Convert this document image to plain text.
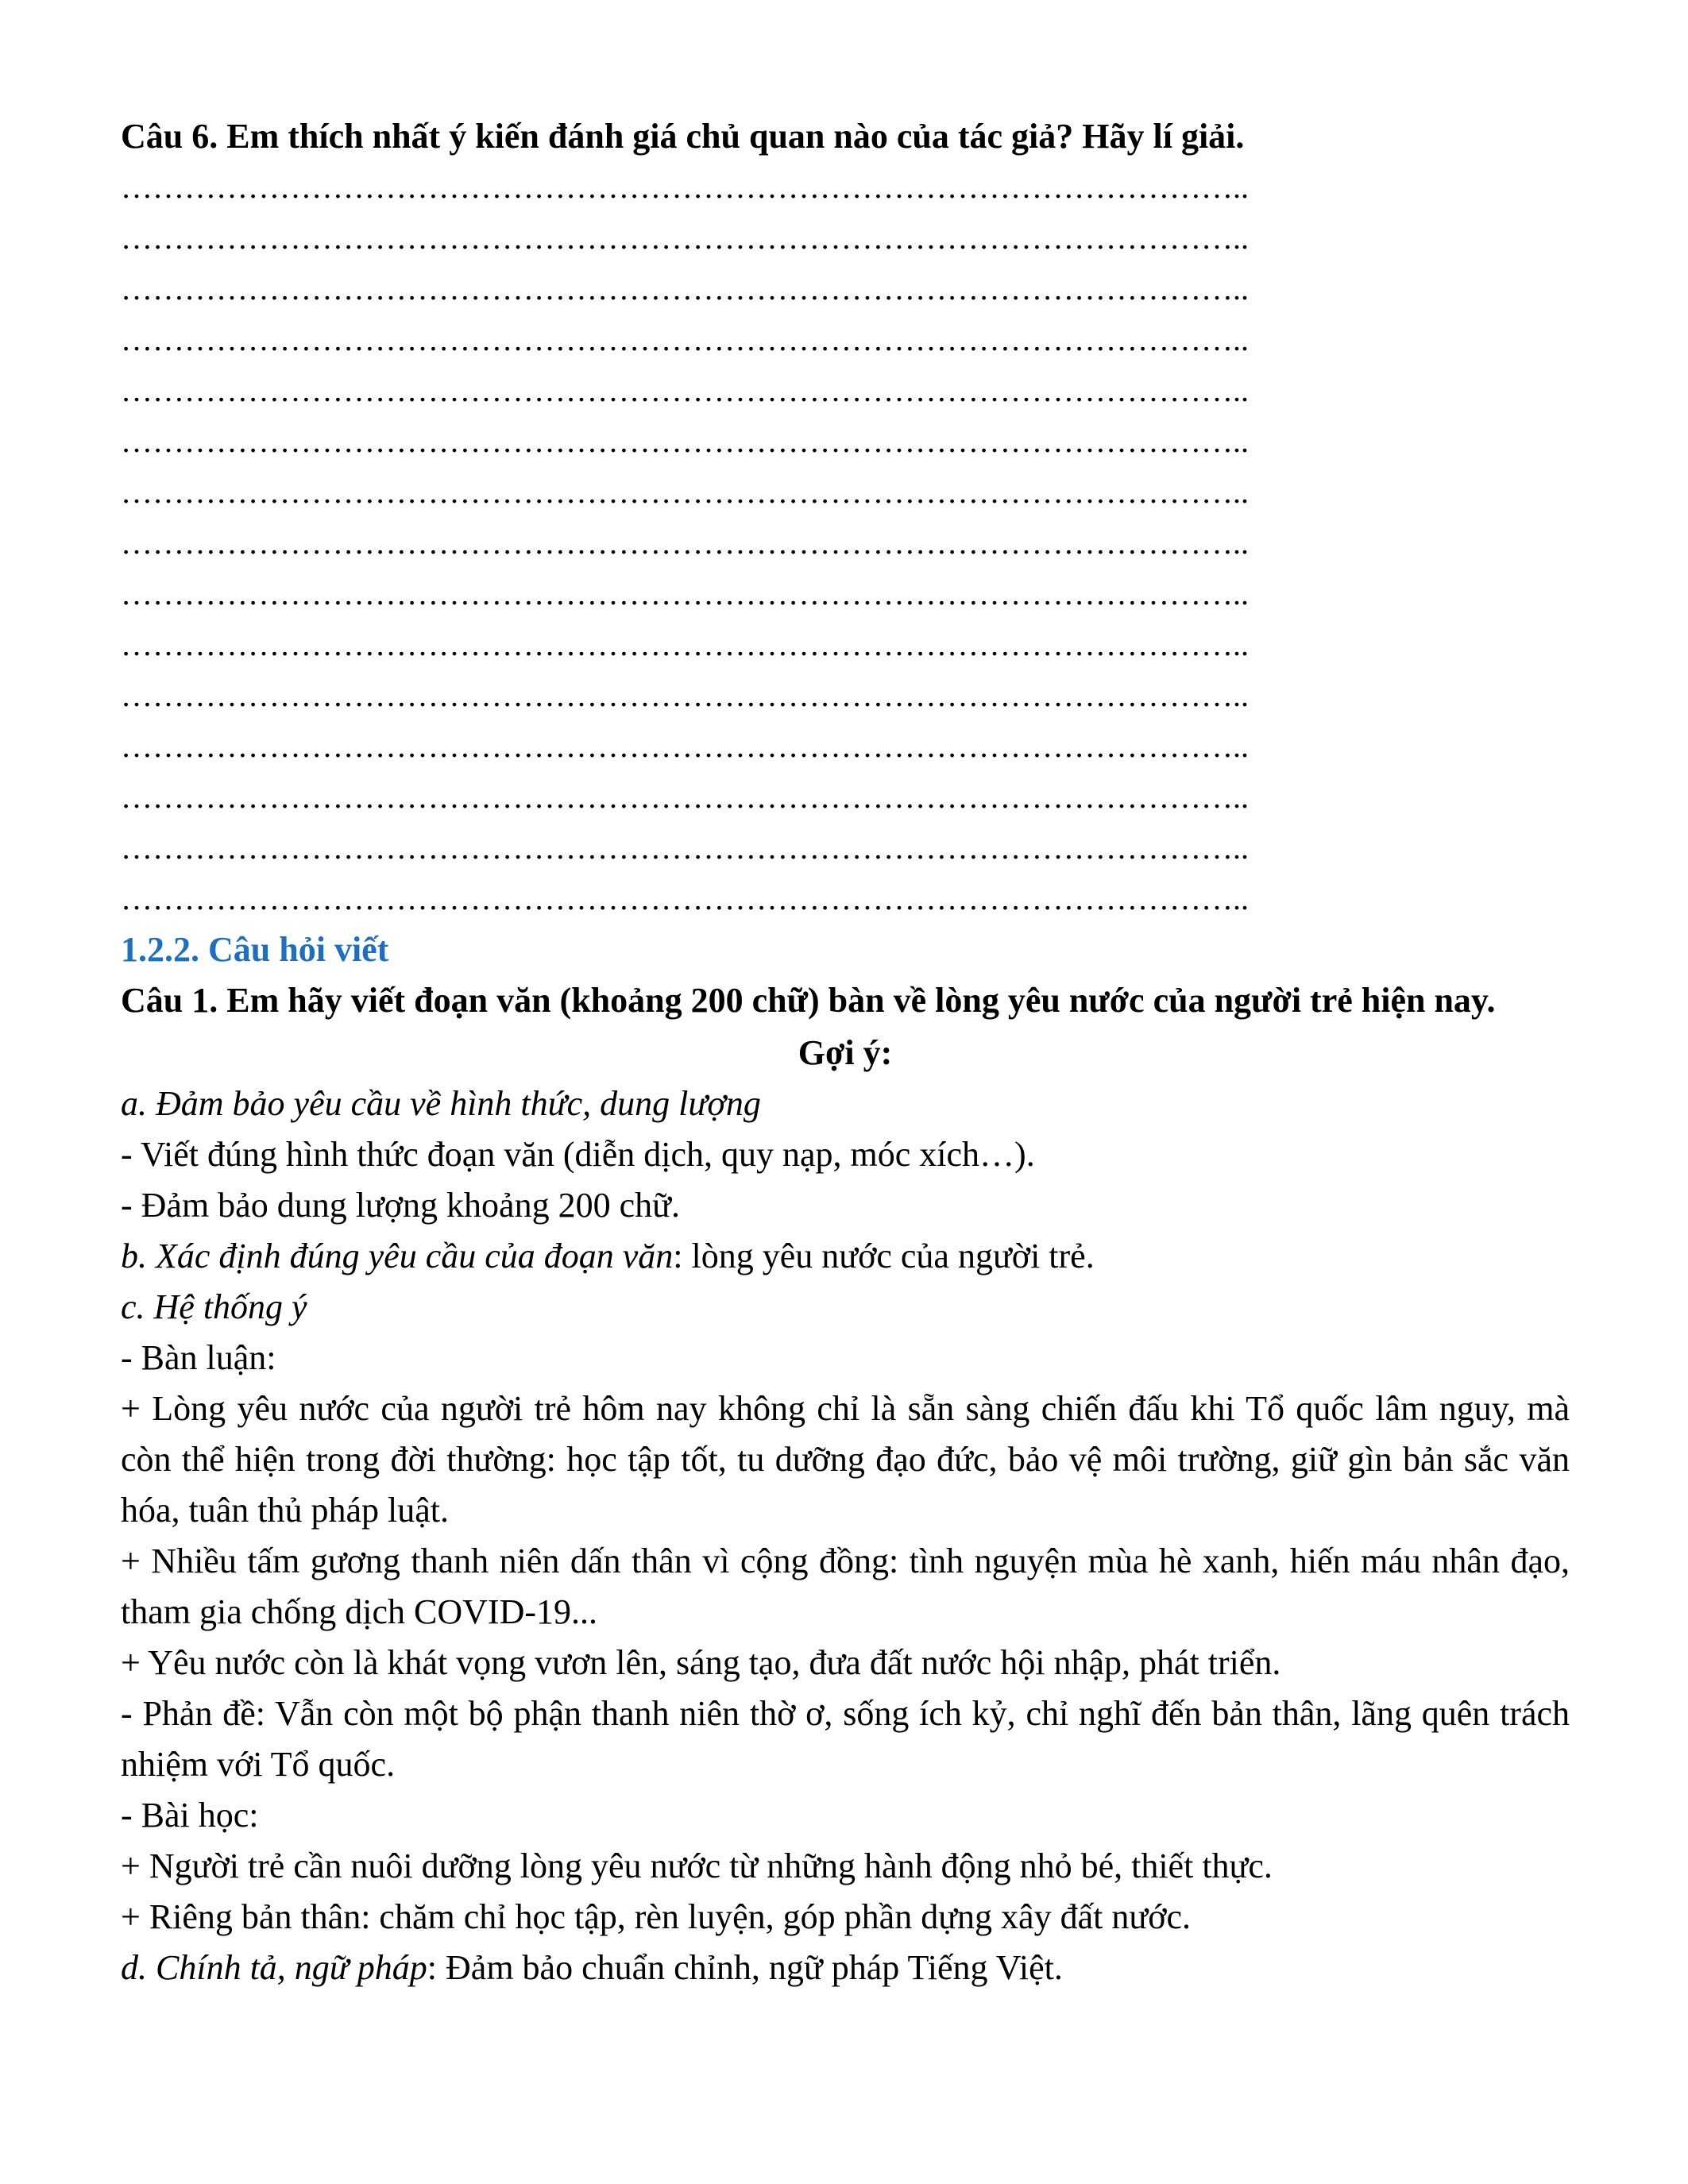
Câu 6. Em thích nhất ý kiến đánh giá chủ quan nào của tác giả? Hãy lí giải.

……………………………………………………………………………………………..
……………………………………………………………………………………………..
……………………………………………………………………………………………..
……………………………………………………………………………………………..
……………………………………………………………………………………………..
……………………………………………………………………………………………..
……………………………………………………………………………………………..
……………………………………………………………………………………………..
……………………………………………………………………………………………..
……………………………………………………………………………………………..
……………………………………………………………………………………………..
……………………………………………………………………………………………..
……………………………………………………………………………………………..
……………………………………………………………………………………………..
……………………………………………………………………………………………..

1.2.2. Câu hỏi viết

Câu 1. Em hãy viết đoạn văn (khoảng 200 chữ) bàn về lòng yêu nước của người trẻ hiện nay.

Gợi ý:

a. Đảm bảo yêu cầu về hình thức, dung lượng

- Viết đúng hình thức đoạn văn (diễn dịch, quy nạp, móc xích…).

- Đảm bảo dung lượng khoảng 200 chữ.

b. Xác định đúng yêu cầu của đoạn văn: lòng yêu nước của người trẻ.

c. Hệ thống ý

- Bàn luận:

+ Lòng yêu nước của người trẻ hôm nay không chỉ là sẵn sàng chiến đấu khi Tổ quốc lâm nguy, mà còn thể hiện trong đời thường: học tập tốt, tu dưỡng đạo đức, bảo vệ môi trường, giữ gìn bản sắc văn hóa, tuân thủ pháp luật.

+ Nhiều tấm gương thanh niên dấn thân vì cộng đồng: tình nguyện mùa hè xanh, hiến máu nhân đạo, tham gia chống dịch COVID-19...

+ Yêu nước còn là khát vọng vươn lên, sáng tạo, đưa đất nước hội nhập, phát triển.

- Phản đề: Vẫn còn một bộ phận thanh niên thờ ơ, sống ích kỷ, chỉ nghĩ đến bản thân, lãng quên trách nhiệm với Tổ quốc.

- Bài học:

+ Người trẻ cần nuôi dưỡng lòng yêu nước từ những hành động nhỏ bé, thiết thực.

+ Riêng bản thân: chăm chỉ học tập, rèn luyện, góp phần dựng xây đất nước.

d. Chính tả, ngữ pháp: Đảm bảo chuẩn chỉnh, ngữ pháp Tiếng Việt.
